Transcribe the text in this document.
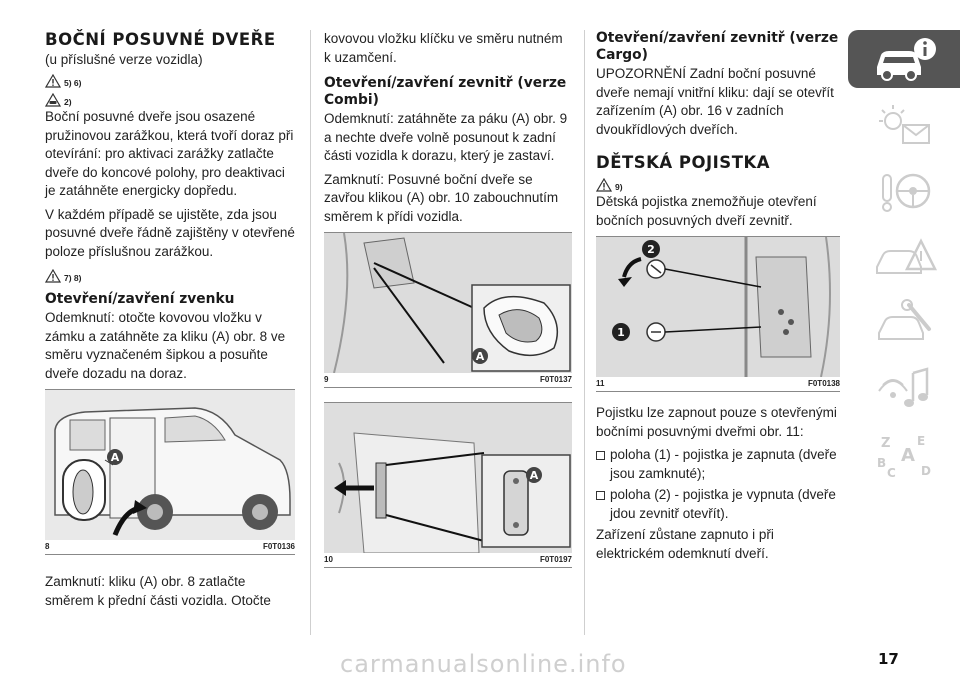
BOČNÍ POSUVNÉ DVEŘE
(u příslušné verze vozidla)
5) 6)
2)

Boční posuvné dveře jsou osazené pružinovou zarážkou, která tvoří doraz při otevírání: pro aktivaci zarážky zatlačte dveře do koncové polohy, pro deaktivaci je zatáhněte energicky dopředu.

V každém případě se ujistěte, zda jsou posuvné dveře řádně zajištěny v otevřené poloze příslušnou zarážkou.

7) 8)
Otevření/zavření zvenku

Odemknutí: otočte kovovou vložku v zámku a zatáhněte za kliku (A) obr. 8 ve směru vyznačeném šipkou a posuňte dveře dozadu na doraz.

A
8	F0T0136

Zamknutí: kliku (A) obr. 8 zatlačte směrem k přední části vozidla. Otočte

kovovou vložku klíčku ve směru nutném k uzamčení.

Otevření/zavření zevnitř (verze Combi)

Odemknutí: zatáhněte za páku (A) obr. 9 a nechte dveře volně posunout k zadní části vozidla k dorazu, který je zastaví.

Zamknutí: Posuvné boční dveře se zavřou klikou (A) obr. 10 zabouchnutím směrem k přídi vozidla.

A
9	F0T0137
A
10	F0T0197
Otevření/zavření zevnitř (verze Cargo)

UPOZORNĚNÍ Zadní boční posuvné dveře nemají vnitřní kliku: dají se otevřít zařízením (A) obr. 16 v zadních dvoukřídlových dveřích.

DĚTSKÁ POJISTKA
9)

Dětská pojistka znemožňuje otevření bočních posuvných dveří zevnitř.

2
1
11	F0T0138

Pojistku lze zapnout pouze s otevřenými bočními posuvnými dveřmi obr. 11:

poloha (1) - pojistka je zapnuta (dveře jsou zamknuté);
poloha (2) - pojistka je vypnuta (dveře jdou zevnitř otevřít).

Zařízení zůstane zapnuto i při elektrickém odemknutí dveří.

Z E
A
B
C D
carmanualsonline.info	17
